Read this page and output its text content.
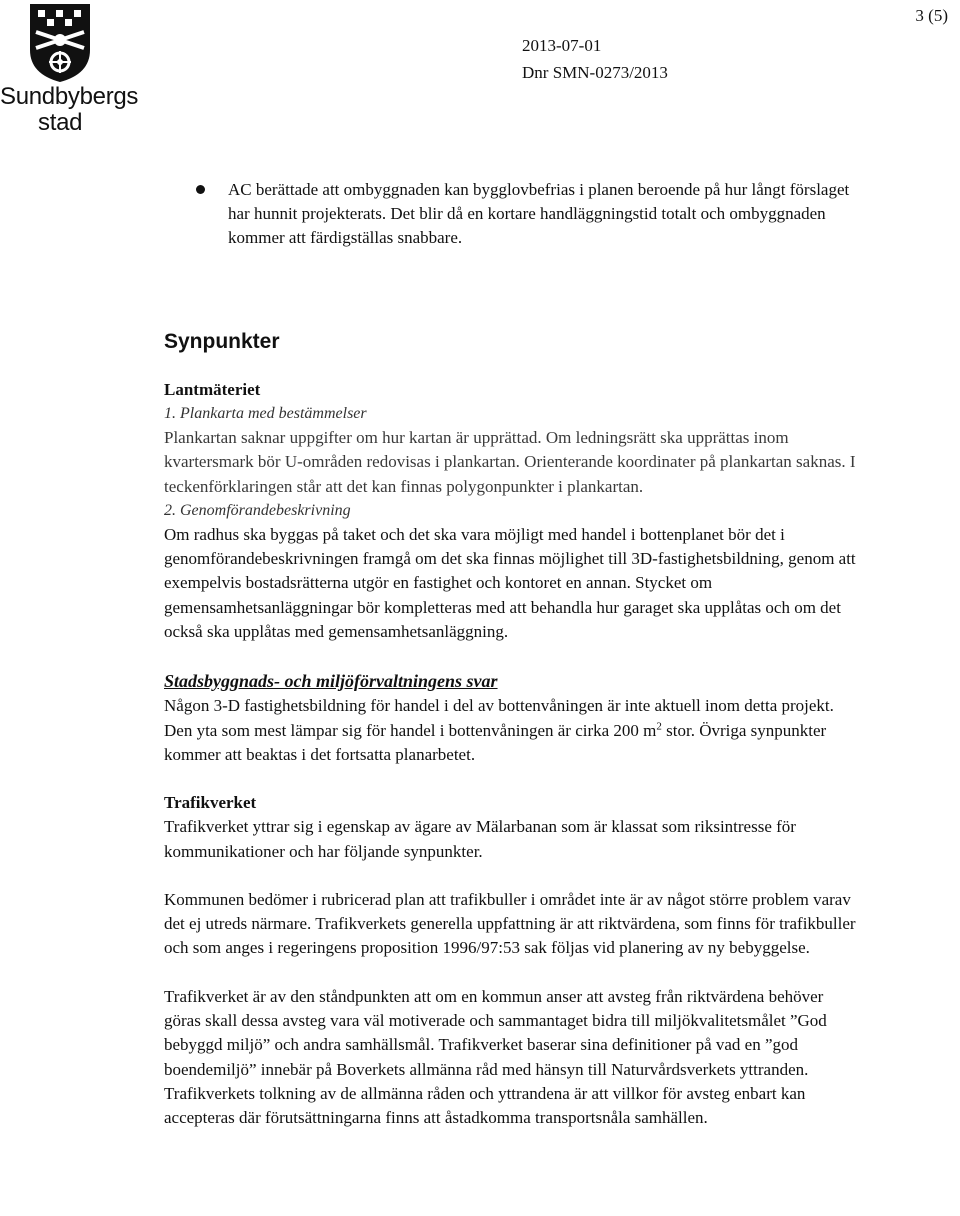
Sundbybergs
stad
3 (5)
2013-07-01
Dnr SMN-0273/2013
AC berättade att ombyggnaden kan bygglovbefrias i planen beroende på hur långt förslaget har hunnit projekterats. Det blir då en kortare handläggningstid totalt och ombyggnaden kommer att färdigställas snabbare.
Synpunkter

Lantmäteriet

1. Plankarta med bestämmelser

Plankartan saknar uppgifter om hur kartan är upprättad. Om ledningsrätt ska upprättas inom kvartersmark bör U-områden redovisas i plankartan. Orienterande koordinater på plankartan saknas. I teckenförklaringen står att det kan finnas polygonpunkter i plankartan.

2. Genomförandebeskrivning

Om radhus ska byggas på taket och det ska vara möjligt med handel i bottenplanet bör det i genomförandebeskrivningen framgå om det ska finnas möjlighet till 3D-fastighetsbildning, genom att exempelvis bostadsrätterna utgör en fastighet och kontoret en annan. Stycket om gemensamhetsanläggningar bör kompletteras med att behandla hur garaget ska upplåtas och om det också ska upplåtas med gemensamhetsanläggning.

Stadsbyggnads- och miljöförvaltningens svar

Någon 3-D fastighetsbildning för handel i del av bottenvåningen är inte aktuell inom detta projekt. Den yta som mest lämpar sig för handel i bottenvåningen är cirka 200 $m^2$ stor. Övriga synpunkter kommer att beaktas i det fortsatta planarbetet.

Trafikverket

Trafikverket yttrar sig i egenskap av ägare av Mälarbanan som är klassat som riksintresse för kommunikationer och har följande synpunkter.

Kommunen bedömer i rubricerad plan att trafikbuller i området inte är av något större problem varav det ej utreds närmare. Trafikverkets generella uppfattning är att riktvärdena, som finns för trafikbuller och som anges i regeringens proposition 1996/97:53 sak följas vid planering av ny bebyggelse.

Trafikverket är av den ståndpunkten att om en kommun anser att avsteg från riktvärdena behöver göras skall dessa avsteg vara väl motiverade och sammantaget bidra till miljökvalitetsmålet ”God bebyggd miljö” och andra samhällsmål. Trafikverket baserar sina definitioner på vad en ”god boendemiljö” innebär på Boverkets allmänna råd med hänsyn till Naturvårdsverkets yttranden. Trafikverkets tolkning av de allmänna råden och yttrandena är att villkor för avsteg enbart kan accepteras där förutsättningarna finns att åstadkomma transportsnåla samhällen.
